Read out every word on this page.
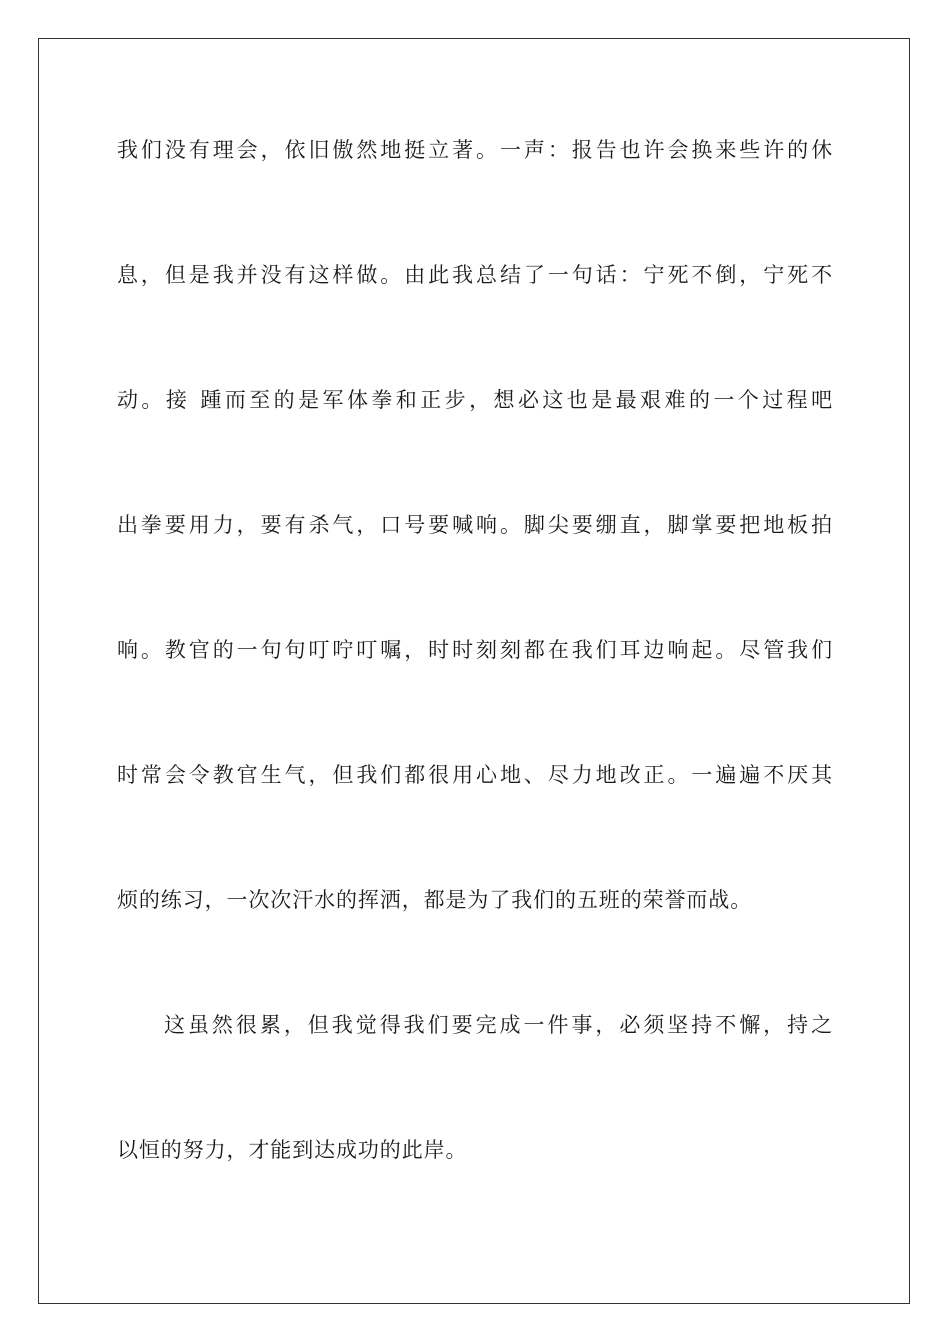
我们没有理会，依旧傲然地挺立著。一声：报告也许会换来些许的休
息，但是我并没有这样做。由此我总结了一句话：宁死不倒，宁死不
动。接 踵而至的是军体拳和正步，想必这也是最艰难的一个过程吧
出拳要用力，要有杀气，口号要喊响。脚尖要绷直，脚掌要把地板拍
响。教官的一句句叮咛叮嘱，时时刻刻都在我们耳边响起。尽管我们
时常会令教官生气，但我们都很用心地、尽力地改正。一遍遍不厌其
烦的练习，一次次汗水的挥洒，都是为了我们的五班的荣誉而战。
这虽然很累，但我觉得我们要完成一件事，必须坚持不懈，持之
以恒的努力，才能到达成功的此岸。
